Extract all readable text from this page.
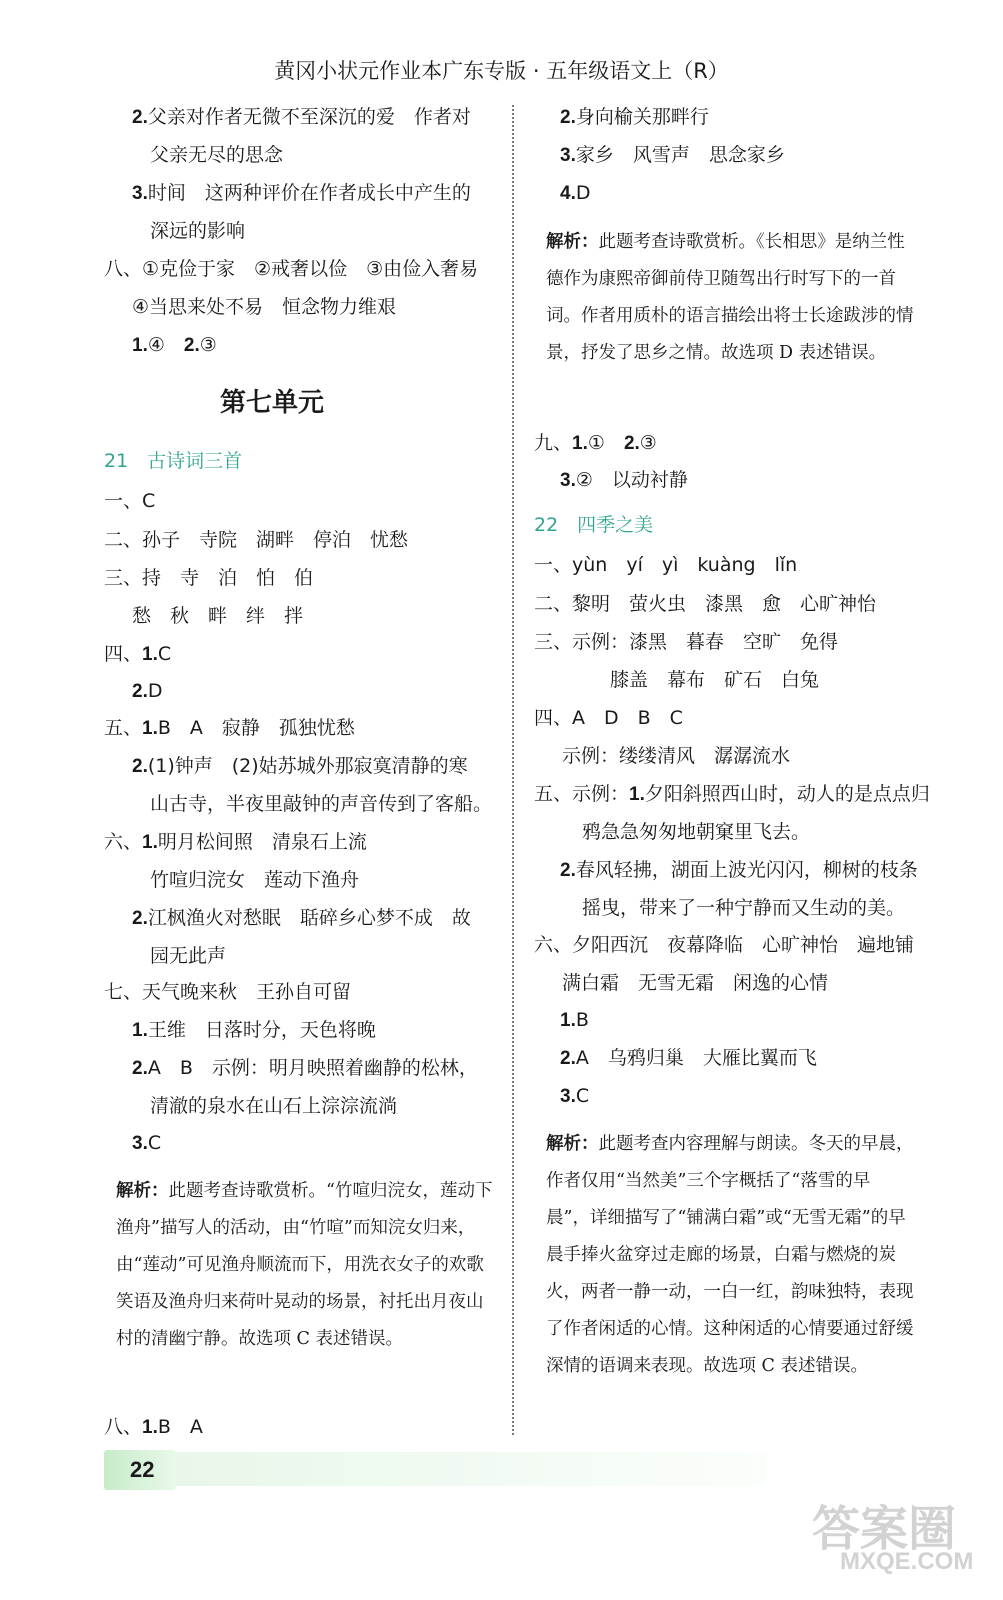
黄冈小状元作业本广东专版 · 五年级语文上（R）
2.父亲对作者无微不至深沉的爱　作者对
父亲无尽的思念
3.时间　这两种评价在作者成长中产生的
深远的影响
八、①克俭于家　②戒奢以俭　③由俭入奢易
④当思来处不易　恒念物力维艰
1.④　 2.③
第七单元
21　古诗词三首
一、C
二、孙子　寺院　湖畔　停泊　忧愁
三、持　寺　泊　怕　伯
愁　秋　畔　绊　拌
四、1.C
2.D
五、1.B　A　寂静　孤独忧愁
2.(1)钟声　(2)姑苏城外那寂寞清静的寒
山古寺，半夜里敲钟的声音传到了客船。
六、1.明月松间照　清泉石上流
竹喧归浣女　莲动下渔舟
2.江枫渔火对愁眠　聒碎乡心梦不成　故
园无此声
七、天气晚来秋　王孙自可留
1.王维　日落时分，天色将晚
2.A　B　示例：明月映照着幽静的松林，
清澈的泉水在山石上淙淙流淌
3.C
解析：此题考查诗歌赏析。“竹喧归浣女，莲动下渔舟”描写人的活动，由“竹喧”而知浣女归来，由“莲动”可见渔舟顺流而下，用洗衣女子的欢歌笑语及渔舟归来荷叶晃动的场景，衬托出月夜山村的清幽宁静。故选项 C 表述错误。
八、1.B　A
2.身向榆关那畔行
3.家乡　风雪声　思念家乡
4.D
解析：此题考查诗歌赏析。《长相思》是纳兰性德作为康熙帝御前侍卫随驾出行时写下的一首词。作者用质朴的语言描绘出将士长途跋涉的情景，抒发了思乡之情。故选项 D 表述错误。
九、1.①　 2.③
3.②　以动衬静
22　四季之美
一、yùn　yí　yì　kuàng　lǐn
二、黎明　萤火虫　漆黑　愈　心旷神怡
三、示例：漆黑　暮春　空旷　免得
膝盖　幕布　矿石　白兔
四、A　D　B　C
示例：缕缕清风　潺潺流水
五、示例：1.夕阳斜照西山时，动人的是点点归
鸦急急匆匆地朝窠里飞去。
2.春风轻拂，湖面上波光闪闪，柳树的枝条
摇曳，带来了一种宁静而又生动的美。
六、夕阳西沉　夜幕降临　心旷神怡　遍地铺
满白霜　无雪无霜　闲逸的心情
1.B
2.A　乌鸦归巢　大雁比翼而飞
3.C
解析：此题考查内容理解与朗读。冬天的早晨，作者仅用“当然美”三个字概括了“落雪的早晨”，详细描写了“铺满白霜”或“无雪无霜”的早晨手捧火盆穿过走廊的场景，白霜与燃烧的炭火，两者一静一动，一白一红，韵味独特，表现了作者闲适的心情。这种闲适的心情要通过舒缓深情的语调来表现。故选项 C 表述错误。
22
答案圈
MXQE.COM
